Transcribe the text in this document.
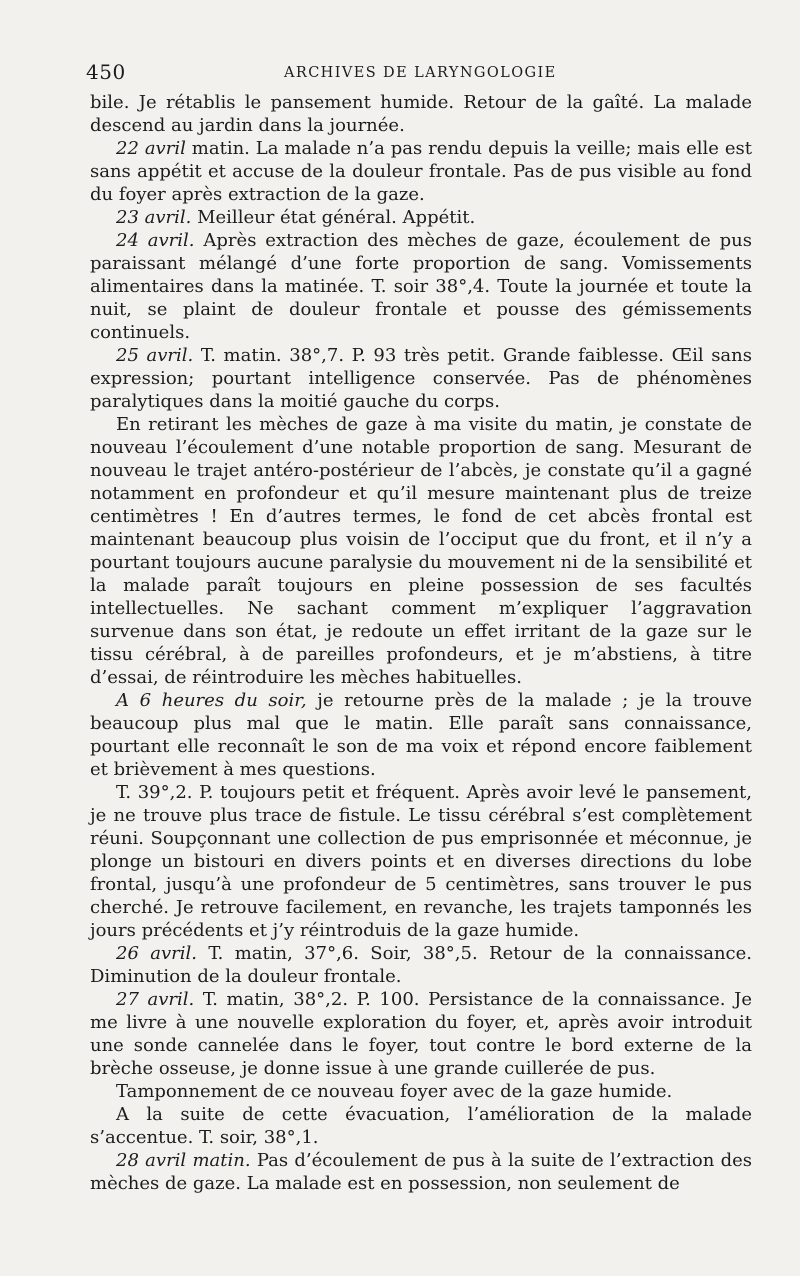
450	ARCHIVES DE LARYNGOLOGIE

bile. Je rétablis le pansement humide. Retour de la gaîté. La malade descend au jardin dans la journée.

22 avril matin. La malade n’a pas rendu depuis la veille; mais elle est sans appétit et accuse de la douleur frontale. Pas de pus visible au fond du foyer après extraction de la gaze.

23 avril. Meilleur état général. Appétit.

24 avril. Après extraction des mèches de gaze, écoulement de pus paraissant mélangé d’une forte proportion de sang. Vomissements alimentaires dans la matinée. T. soir 38°,4. Toute la journée et toute la nuit, se plaint de douleur frontale et pousse des gémissements continuels.

25 avril. T. matin. 38°,7. P. 93 très petit. Grande faiblesse. Œil sans expression; pourtant intelligence conservée. Pas de phénomènes paralytiques dans la moitié gauche du corps.

En retirant les mèches de gaze à ma visite du matin, je constate de nouveau l’écoulement d’une notable proportion de sang. Mesurant de nouveau le trajet antéro-postérieur de l’abcès, je constate qu’il a gagné notamment en profondeur et qu’il mesure maintenant plus de treize centimètres ! En d’autres termes, le fond de cet abcès frontal est maintenant beaucoup plus voisin de l’occiput que du front, et il n’y a pourtant toujours aucune paralysie du mouvement ni de la sensibilité et la malade paraît toujours en pleine possession de ses facultés intellectuelles. Ne sachant comment m’expliquer l’aggravation survenue dans son état, je redoute un effet irritant de la gaze sur le tissu cérébral, à de pareilles profondeurs, et je m’abstiens, à titre d’essai, de réintroduire les mèches habituelles.

A 6 heures du soir, je retourne près de la malade ; je la trouve beaucoup plus mal que le matin. Elle paraît sans connaissance, pourtant elle reconnaît le son de ma voix et répond encore faiblement et brièvement à mes questions.

T. 39°,2. P. toujours petit et fréquent. Après avoir levé le pansement, je ne trouve plus trace de fistule. Le tissu cérébral s’est complètement réuni. Soupçonnant une collection de pus emprisonnée et méconnue, je plonge un bistouri en divers points et en diverses directions du lobe frontal, jusqu’à une profondeur de 5 centimètres, sans trouver le pus cherché. Je retrouve facilement, en revanche, les trajets tamponnés les jours précédents et j’y réintroduis de la gaze humide.

26 avril. T. matin, 37°,6. Soir, 38°,5. Retour de la connaissance. Diminution de la douleur frontale.

27 avril. T. matin, 38°,2. P. 100. Persistance de la connaissance. Je me livre à une nouvelle exploration du foyer, et, après avoir introduit une sonde cannelée dans le foyer, tout contre le bord externe de la brèche osseuse, je donne issue à une grande cuillerée de pus.

Tamponnement de ce nouveau foyer avec de la gaze humide.

A la suite de cette évacuation, l’amélioration de la malade s’accentue. T. soir, 38°,1.

28 avril matin. Pas d’écoulement de pus à la suite de l’extraction des mèches de gaze. La malade est en possession, non seulement de
